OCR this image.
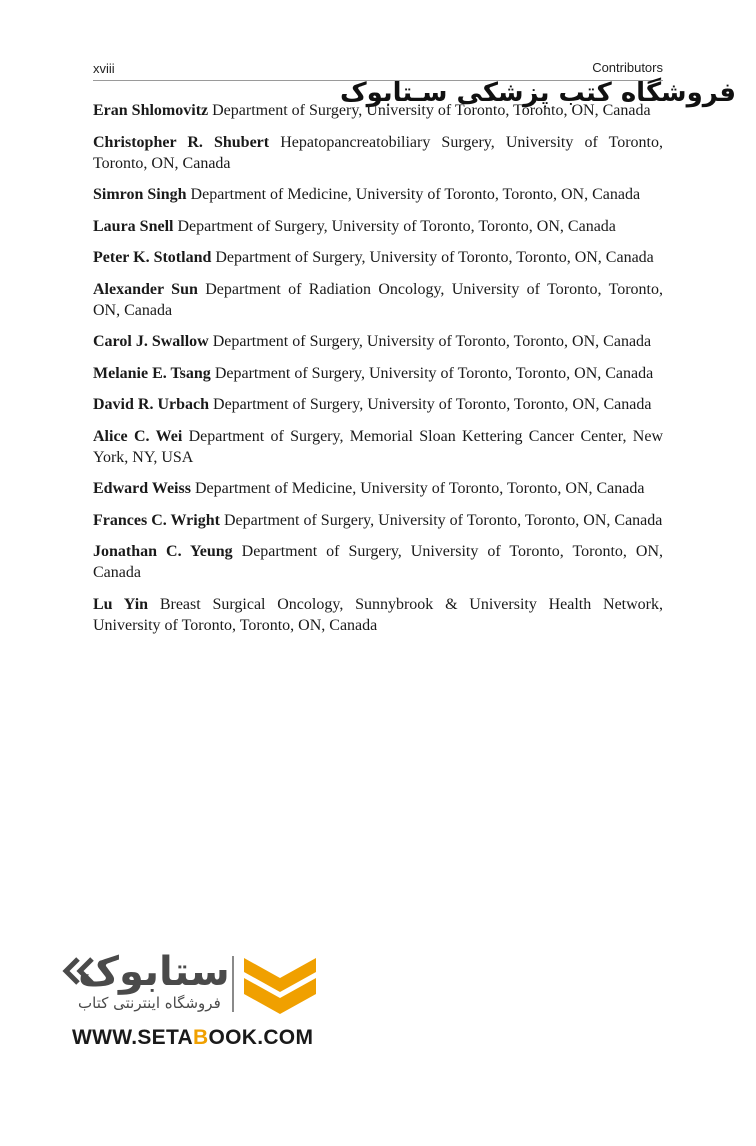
xviii	Contributors
فروشگاه کتب پزشکی سـتابوک

Eran Shlomovitz Department of Surgery, University of Toronto, Toronto, ON, Canada

Christopher R. Shubert Hepatopancreatobiliary Surgery, University of Toronto, Toronto, ON, Canada

Simron Singh Department of Medicine, University of Toronto, Toronto, ON, Canada

Laura Snell Department of Surgery, University of Toronto, Toronto, ON, Canada

Peter K. Stotland Department of Surgery, University of Toronto, Toronto, ON, Canada

Alexander Sun Department of Radiation Oncology, University of Toronto, Toronto, ON, Canada

Carol J. Swallow Department of Surgery, University of Toronto, Toronto, ON, Canada

Melanie E. Tsang Department of Surgery, University of Toronto, Toronto, ON, Canada

David R. Urbach Department of Surgery, University of Toronto, Toronto, ON, Canada

Alice C. Wei Department of Surgery, Memorial Sloan Kettering Cancer Center, New York, NY, USA

Edward Weiss Department of Medicine, University of Toronto, Toronto, ON, Canada

Frances C. Wright Department of Surgery, University of Toronto, Toronto, ON, Canada

Jonathan C. Yeung Department of Surgery, University of Toronto, Toronto, ON, Canada

Lu Yin Breast Surgical Oncology, Sunnybrook & University Health Network, University of Toronto, Toronto, ON, Canada

ستابوک
فروشگاه اینترنتی کتاب
WWW.SETABOOK.COM
